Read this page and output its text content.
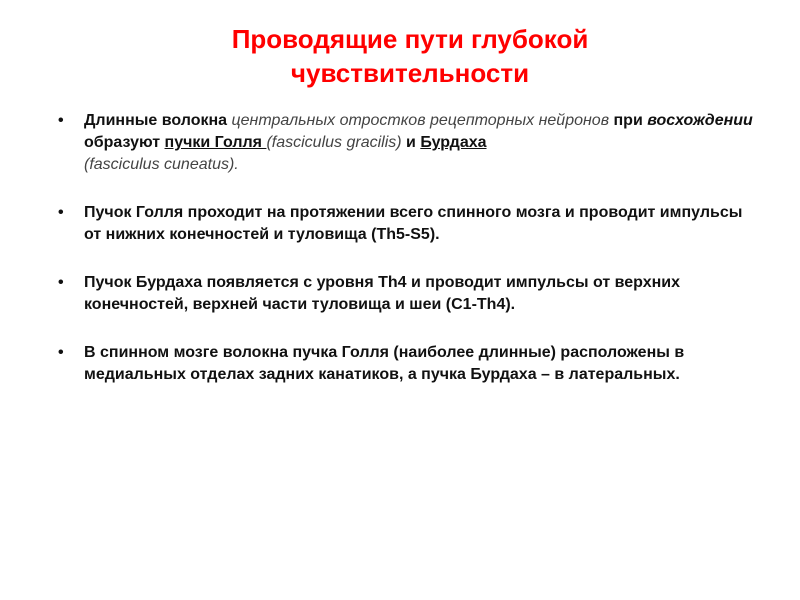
Проводящие пути глубокой
чувствительности
• Длинные волокна центральных отростков рецепторных нейронов при восхождении образуют пучки Голля (fasciculus gracilis) и Бурдаха
(fasciculus cuneatus).
• Пучок Голля проходит на протяжении всего спинного мозга и проводит импульсы от нижних конечностей и туловища (Th5-S5).
• Пучок Бурдаха появляется с уровня Th4 и проводит импульсы от верхних конечностей, верхней части туловища и шеи (С1-Th4).
• В спинном мозге волокна пучка Голля (наиболее длинные) расположены в медиальных отделах задних канатиков, а пучка Бурдаха – в латеральных.
